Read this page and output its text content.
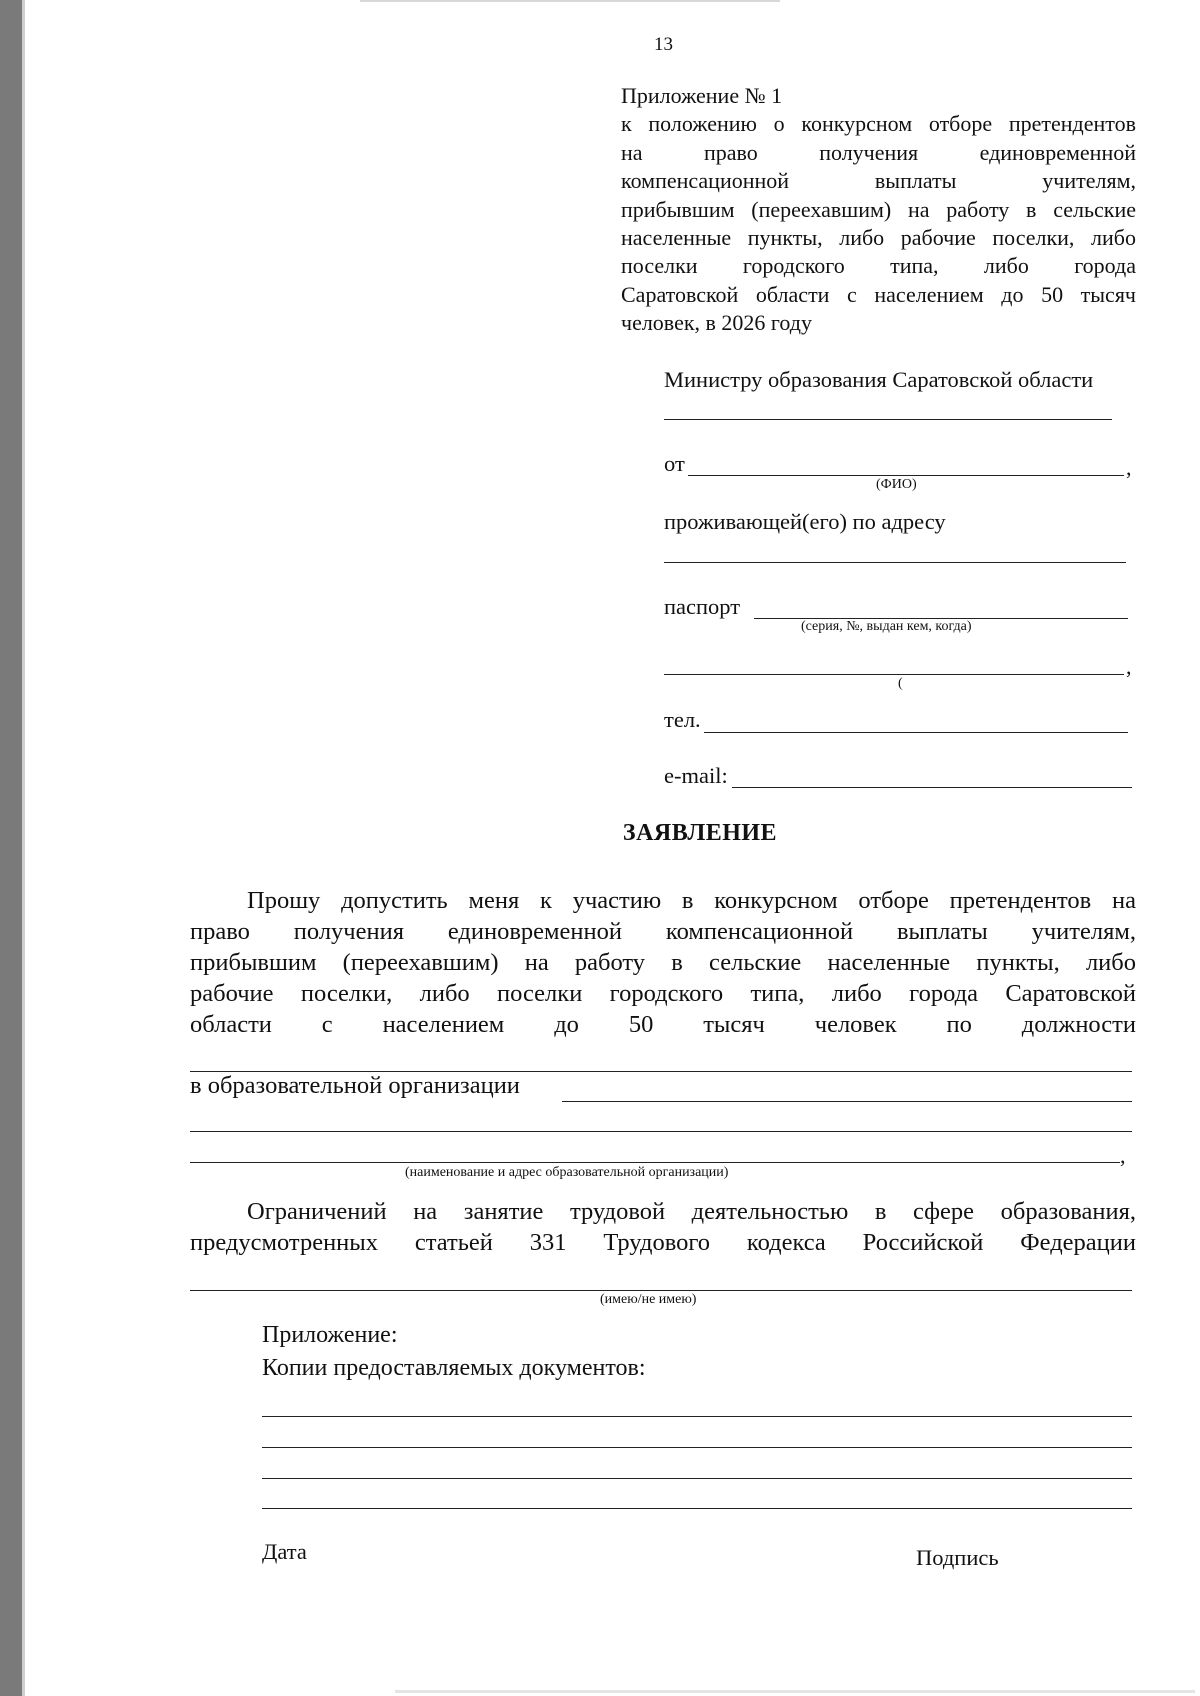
13
Приложение № 1
к положению о конкурсном отборе претендентов
на право получения единовременной
компенсационной выплаты учителям,
прибывшим (переехавшим) на работу в сельские
населенные пункты, либо рабочие поселки, либо
поселки городского типа, либо города
Саратовской области с населением до 50 тысяч
человек, в 2026 году
Министру образования Саратовской области
от	,
(ФИО)
проживающей(его) по адресу
паспорт
(серия, №, выдан кем, когда)
,
(
тел.
e-mail:
ЗАЯВЛЕНИЕ
Прошу допустить меня к участию в конкурсном отборе претендентов на
право получения единовременной компенсационной выплаты учителям,
прибывшим (переехавшим) на работу в сельские населенные пункты, либо
рабочие поселки, либо поселки городского типа, либо города Саратовской
области с населением до 50 тысяч человек по должности
в образовательной организации
,
(наименование и адрес образовательной организации)
Ограничений на занятие трудовой деятельностью в сфере образования,
предусмотренных статьей 331 Трудового кодекса Российской Федерации
(имею/не имею)
Приложение:
Копии предоставляемых документов:
Дата	Подпись
